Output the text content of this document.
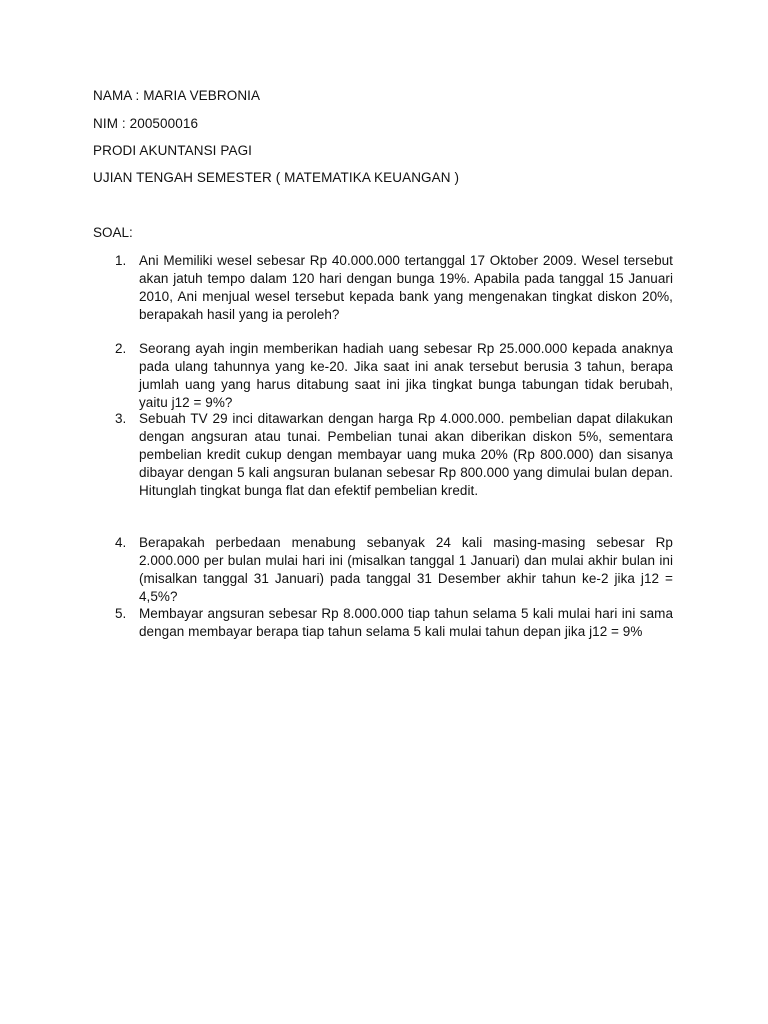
NAMA : MARIA VEBRONIA
NIM : 200500016
PRODI AKUNTANSI PAGI
UJIAN TENGAH SEMESTER ( MATEMATIKA KEUANGAN )
SOAL:
1. Ani Memiliki wesel sebesar Rp 40.000.000 tertanggal 17 Oktober 2009. Wesel tersebut akan jatuh tempo dalam 120 hari dengan bunga 19%. Apabila pada tanggal 15 Januari 2010, Ani menjual wesel tersebut kepada bank yang mengenakan tingkat diskon 20%, berapakah hasil yang ia peroleh?
2. Seorang ayah ingin memberikan hadiah uang sebesar Rp 25.000.000 kepada anaknya pada ulang tahunnya yang ke-20. Jika saat ini anak tersebut berusia 3 tahun, berapa jumlah uang yang harus ditabung saat ini jika tingkat bunga tabungan tidak berubah, yaitu j12 = 9%?
3. Sebuah TV 29 inci ditawarkan dengan harga Rp 4.000.000. pembelian dapat dilakukan dengan angsuran atau tunai. Pembelian tunai akan diberikan diskon 5%, sementara pembelian kredit cukup dengan membayar uang muka 20% (Rp 800.000) dan sisanya dibayar dengan 5 kali angsuran bulanan sebesar Rp 800.000 yang dimulai bulan depan. Hitunglah tingkat bunga flat dan efektif pembelian kredit.
4. Berapakah perbedaan menabung sebanyak 24 kali masing-masing sebesar Rp 2.000.000 per bulan mulai hari ini (misalkan tanggal 1 Januari) dan mulai akhir bulan ini (misalkan tanggal 31 Januari) pada tanggal 31 Desember akhir tahun ke-2 jika j12 = 4,5%?
5. Membayar angsuran sebesar Rp 8.000.000 tiap tahun selama 5 kali mulai hari ini sama dengan membayar berapa tiap tahun selama 5 kali mulai tahun depan jika j12 = 9%
